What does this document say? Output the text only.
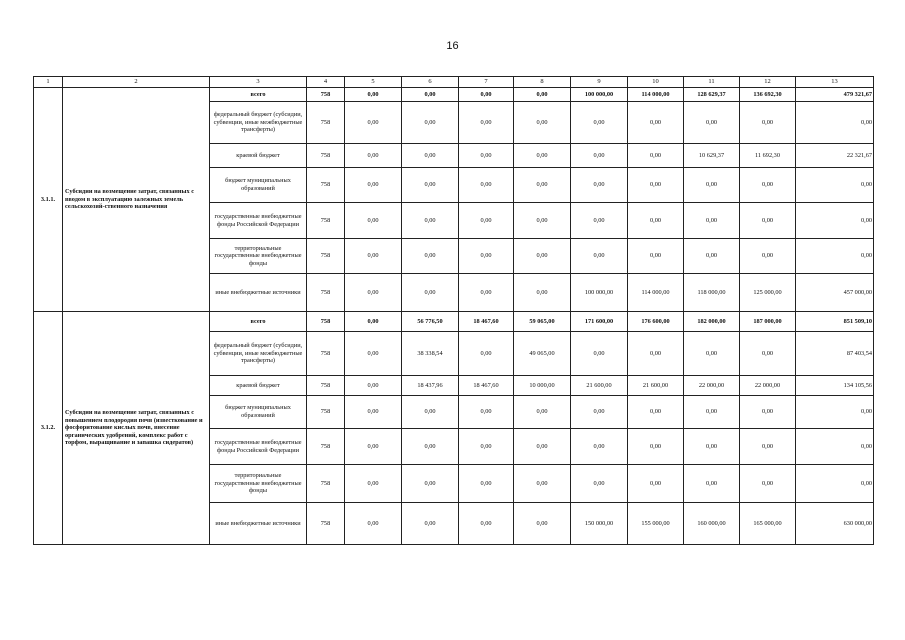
16
1	2	3	4	5	6	7	8	9	10	11	12	13
3.1.1.	Субсидии на возмещение затрат, связанных с вводом в эксплуатацию залежных земель сельскохозяй-ственного назначения	всего	758	0,00	0,00	0,00	0,00	100 000,00	114 000,00	128 629,37	136 692,30	479 321,67
		федеральный бюджет (субсидии, субвенции, иные межбюджетные трансферты)	758	0,00	0,00	0,00	0,00	0,00	0,00	0,00	0,00	0,00
		краевой бюджет	758	0,00	0,00	0,00	0,00	0,00	0,00	10 629,37	11 692,30	22 321,67
		бюджет муниципальных образований	758	0,00	0,00	0,00	0,00	0,00	0,00	0,00	0,00	0,00
		государственные внебюджетные фонды Российской Федерации	758	0,00	0,00	0,00	0,00	0,00	0,00	0,00	0,00	0,00
		территориальные государственные внебюджетные фонды	758	0,00	0,00	0,00	0,00	0,00	0,00	0,00	0,00	0,00
		иные внебюджетные источники	758	0,00	0,00	0,00	0,00	100 000,00	114 000,00	118 000,00	125 000,00	457 000,00
3.1.2.	Субсидии на возмещение затрат, связанных с повышением плодородия почв (известкование и фосфоритование кислых почв, внесение органических удобрений, комплекс работ с торфом, выращивание и запашка сидератов)	всего	758	0,00	56 776,50	18 467,60	59 065,00	171 600,00	176 600,00	182 000,00	187 000,00	851 509,10
		федеральный бюджет (субсидии, субвенции, иные межбюджетные трансферты)	758	0,00	38 338,54	0,00	49 065,00	0,00	0,00	0,00	0,00	87 403,54
		краевой бюджет	758	0,00	18 437,96	18 467,60	10 000,00	21 600,00	21 600,00	22 000,00	22 000,00	134 105,56
		бюджет муниципальных образований	758	0,00	0,00	0,00	0,00	0,00	0,00	0,00	0,00	0,00
		государственные внебюджетные фонды Российской Федерации	758	0,00	0,00	0,00	0,00	0,00	0,00	0,00	0,00	0,00
		территориальные государственные внебюджетные фонды	758	0,00	0,00	0,00	0,00	0,00	0,00	0,00	0,00	0,00
		иные внебюджетные источники	758	0,00	0,00	0,00	0,00	150 000,00	155 000,00	160 000,00	165 000,00	630 000,00
